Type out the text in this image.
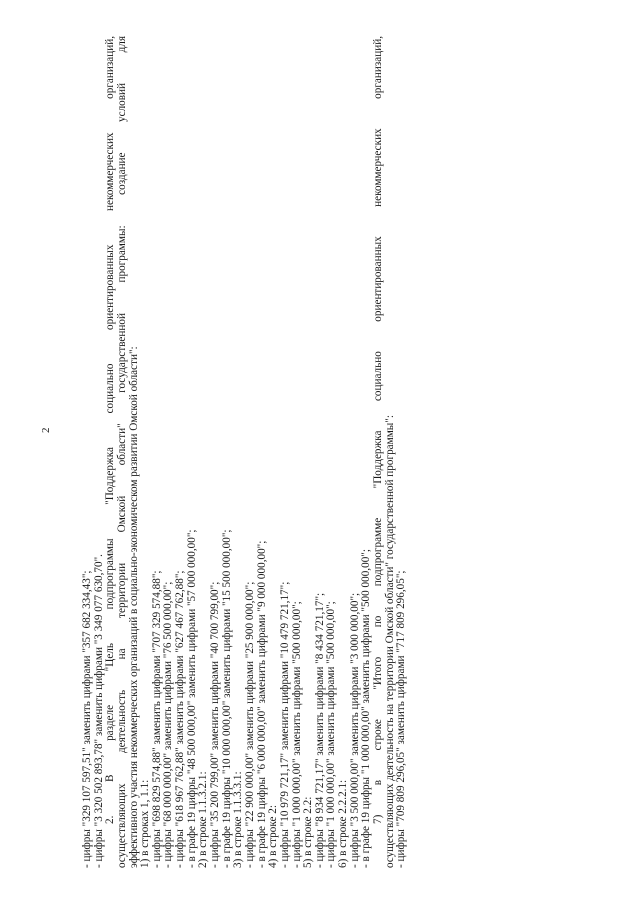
2
- цифры "329 107 597,51" заменить цифрами "357 682 334,43"; - цифры "3 320 502 893,78" заменить цифрами "3 349 077 630,70". 2. В разделе "Цель подпрограммы "Поддержка социально ориентированных некоммерческих организаций, осуществляющих деятельность на территории Омской области" государственной программы: создание условий для эффективного участия некоммерческих организаций в социально-экономическом развитии Омской области": 1) в строках 1, 1.1: - цифры "698 829 574,88" заменить цифрами "707 329 574,88"; - цифры "68 000 000,00" заменить цифрами "76 500 000,00"; - цифры "618 967 762,88" заменить цифрами "627 467 762,88"; - в графе 19 цифры "48 500 000,00" заменить цифрами "57 000 000,00"; 2) в строке 1.1.3.2.1: - цифры "35 200 799,00" заменить цифрами "40 700 799,00"; - в графе 19 цифры "10 000 000,00" заменить цифрами "15 500 000,00"; 3) в строке 1.1.3.3.1: - цифры "22 900 000,00" заменить цифрами "25 900 000,00"; - в графе 19 цифры "6 000 000,00" заменить цифрами "9 000 000,00"; 4) в строке 2: - цифры "10 979 721,17" заменить цифрами "10 479 721,17"; - цифры "1 000 000,00" заменить цифрами "500 000,00"; 5) в строке 2.2: - цифры "8 934 721,17" заменить цифрами "8 434 721,17"; - цифры "1 000 000,00" заменить цифрами "500 000,00"; 6) в строке 2.2.2.1: - цифры "3 500 000,00" заменить цифрами "3 000 000,00"; - в графе 19 цифры "1 000 000,00" заменить цифрами "500 000,00"; 7) в строке "Итого по подпрограмме "Поддержка социально ориентированных некоммерческих организаций, осуществляющих деятельность на территории Омской области" государственной программы": - цифры "709 809 296,05" заменить цифрами "717 809 296,05";
